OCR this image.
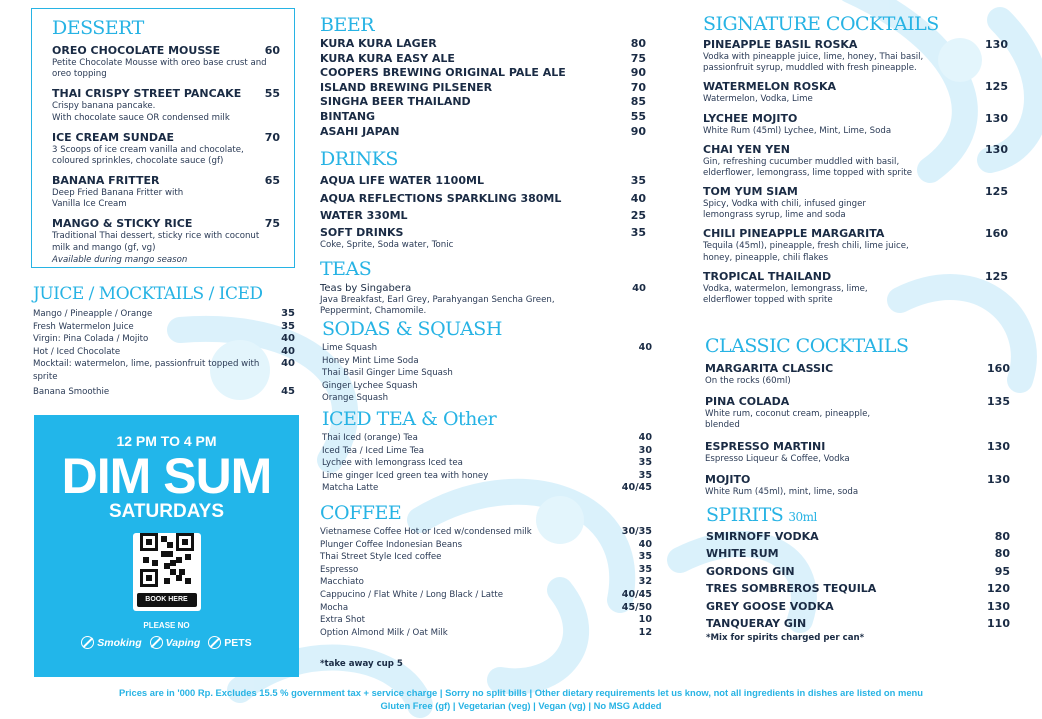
DESSERT
OREO CHOCOLATE MOUSSE	60
Petite Chocolate Mousse with oreo base crust and oreo topping
THAI CRISPY STREET PANCAKE	55
Crispy banana pancake.
With chocolate sauce OR condensed milk
ICE CREAM SUNDAE	70
3 Scoops of ice cream vanilla and chocolate, coloured sprinkles, chocolate sauce (gf)
BANANA FRITTER	65
Deep Fried Banana Fritter with Vanilla Ice Cream
MANGO & STICKY RICE	75
Traditional Thai dessert, sticky rice with coconut milk and mango (gf, vg)
Available during mango season
JUICE / MOCKTAILS / ICED
Mango / Pineapple / Orange	35
Fresh Watermelon Juice	35
Virgin: Pina Colada / Mojito	40
Hot / Iced Chocolate	40
Mocktail: watermelon, lime, passionfruit topped with sprite
40
Banana Smoothie	45
12 PM TO 4 PM
DIM SUM
SATURDAYS
BOOK HERE
PLEASE NO
Smoking Vaping PETS
BEER
KURA KURA LAGER	80
KURA KURA EASY ALE	75
COOPERS BREWING ORIGINAL PALE ALE	90
ISLAND BREWING PILSENER	70
SINGHA BEER THAILAND	85
BINTANG	55
ASAHI JAPAN	90
DRINKS
AQUA LIFE WATER 1100ML	35
AQUA REFLECTIONS SPARKLING 380ML	40
WATER 330ML	25
SOFT DRINKS	35
Coke, Sprite, Soda water, Tonic
TEAS
Teas by Singabera	40
Java Breakfast, Earl Grey, Parahyangan Sencha Green, Peppermint, Chamomile.
SODAS & SQUASH
Lime Squash	40
Honey Mint Lime Soda
Thai Basil Ginger Lime Squash
Ginger Lychee Squash
Orange Squash
ICED TEA & Other
Thai Iced (orange) Tea	40
Iced Tea / Iced Lime Tea	30
Lychee with lemongrass Iced tea	35
Lime ginger Iced green tea with honey	35
Matcha Latte	40/45
COFFEE
Vietnamese Coffee Hot or Iced w/condensed milk	30/35
Plunger Coffee Indonesian Beans	40
Thai Street Style Iced coffee	35
Espresso	35
Macchiato	32
Cappucino / Flat White / Long Black / Latte	40/45
Mocha	45/50
Extra Shot	10
Option Almond Milk / Oat Milk	12
*take away cup 5
SIGNATURE COCKTAILS
PINEAPPLE BASIL ROSKA	130
Vodka with pineapple juice, lime, honey, Thai basil, passionfruit syrup, muddled with fresh pineapple.
WATERMELON ROSKA	125
Watermelon, Vodka, Lime
LYCHEE MOJITO	130
White Rum (45ml) Lychee, Mint, Lime, Soda
CHAI YEN YEN	130
Gin, refreshing cucumber muddled with basil, elderflower, lemongrass, lime topped with sprite
TOM YUM SIAM	125
Spicy, Vodka with chili, infused ginger lemongrass syrup, lime and soda
CHILI PINEAPPLE MARGARITA	160
Tequila (45ml), pineapple, fresh chili, lime juice, honey, pineapple, chili flakes
TROPICAL THAILAND	125
Vodka, watermelon, lemongrass, lime, elderflower topped with sprite
CLASSIC COCKTAILS
MARGARITA CLASSIC	160
On the rocks (60ml)
PINA COLADA	135
White rum, coconut cream, pineapple, blended
ESPRESSO MARTINI	130
Espresso Liqueur & Coffee, Vodka
MOJITO	130
White Rum (45ml), mint, lime, soda
SPIRITS 30ml
SMIRNOFF VODKA	80
WHITE RUM	80
GORDONS GIN	95
TRES SOMBREROS TEQUILA	120
GREY GOOSE VODKA	130
TANQUERAY GIN	110
*Mix for spirits charged per can*
Prices are in '000 Rp. Excludes 15.5 % government tax + service charge | Sorry no split bills | Other dietary requirements let us know, not all ingredients in dishes are listed on menu
Gluten Free (gf) | Vegetarian (veg) | Vegan (vg) | No MSG Added
